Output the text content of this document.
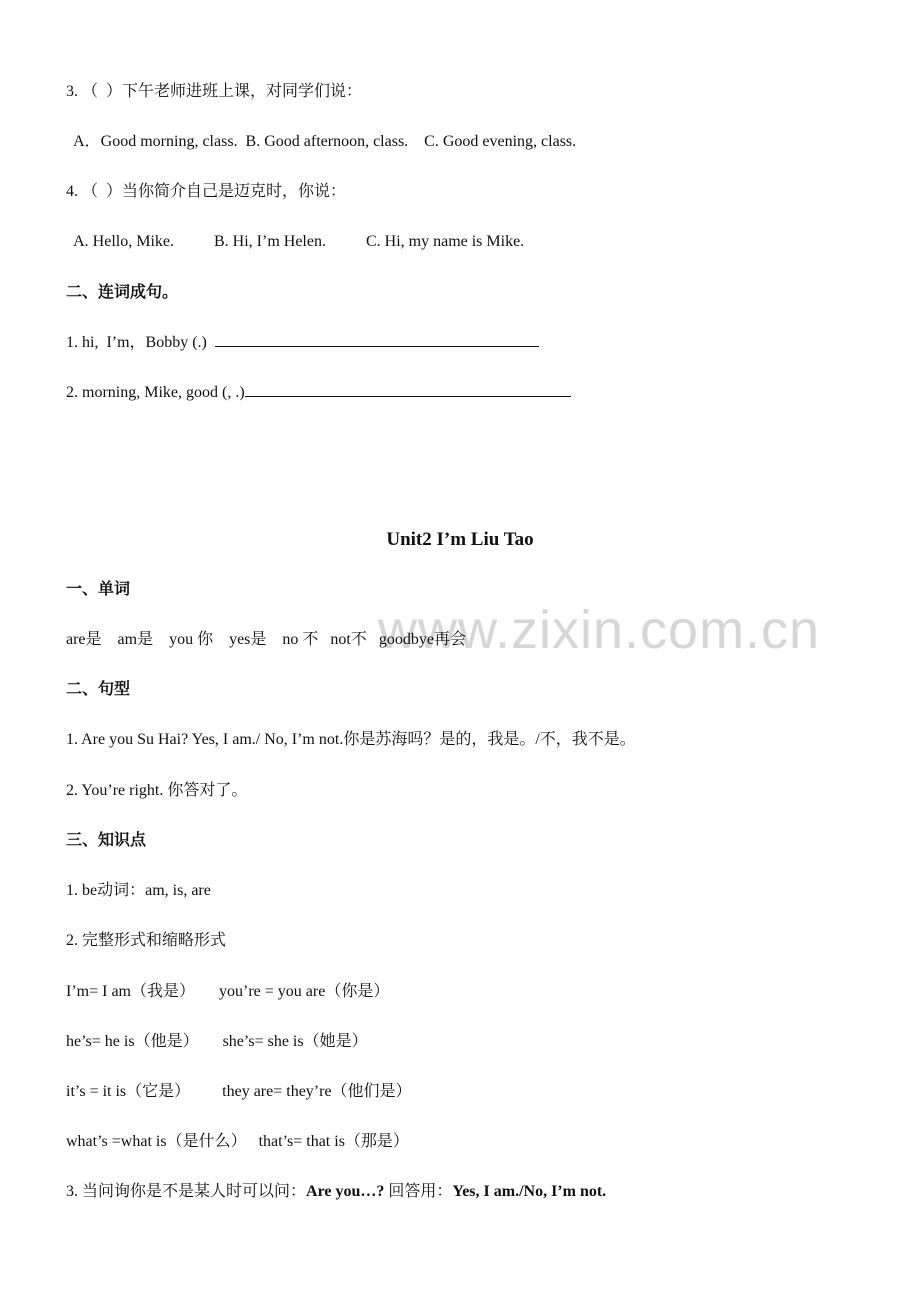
www.zixin.com.cn
3. （  ）下午老师进班上课，对同学们说：
A．Good morning, class.  B. Good afternoon, class.    C. Good evening, class.
4. （  ）当你简介自己是迈克时，你说：
A. Hello, Mike.          B. Hi, I’m Helen.          C. Hi, my name is Mike.
二、连词成句。
1. hi,  I’m，Bobby (.)
2. morning, Mike, good (, .)
Unit2 I’m Liu Tao
一、单词
are是    am是    you 你    yes是    no 不   not不   goodbye再会
二、句型
1. Are you Su Hai? Yes, I am./ No, I’m not.你是苏海吗？是的，我是。/不，我不是。
2. You’re right. 你答对了。
三、知识点
1. be动词：am, is, are
2. 完整形式和缩略形式
I’m= I am（我是）      you’re = you are（你是）
he’s= he is（他是）      she’s= she is（她是）
it’s = it is（它是）        they are= they’re（他们是）
what’s =what is（是什么）   that’s= that is（那是）
3. 当问询你是不是某人时可以问：Are you…? 回答用：Yes, I am./No, I’m not.
